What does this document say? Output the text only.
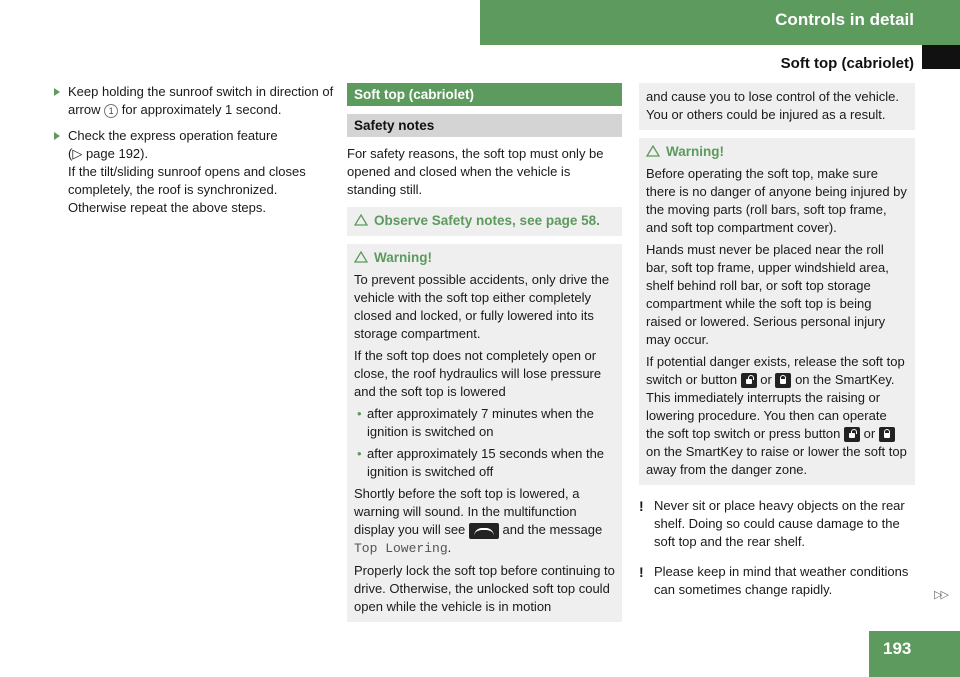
Controls in detail
Soft top (cabriolet)
Keep holding the sunroof switch in direction of arrow 1 for approximately 1 second.
Check the express operation feature
(▷ page 192).
If the tilt/sliding sunroof opens and closes completely, the roof is synchronized. Otherwise repeat the above steps.
Soft top (cabriolet)
Safety notes
For safety reasons, the soft top must only be opened and closed when the vehicle is standing still.
Observe Safety notes, see page 58.
Warning!

To prevent possible accidents, only drive the vehicle with the soft top either completely closed and locked, or fully lowered into its storage compartment.

If the soft top does not completely open or close, the roof hydraulics will lose pressure and the soft top is lowered

• after approximately 7 minutes when the ignition is switched on
• after approximately 15 seconds when the ignition is switched off

Shortly before the soft top is lowered, a warning will sound. In the multifunction display you will see  and the message
Top Lowering.

Properly lock the soft top before continuing to drive. Otherwise, the unlocked soft top could open while the vehicle is in motion

and cause you to lose control of the vehicle. You or others could be injured as a result.

Warning!

Before operating the soft top, make sure there is no danger of anyone being injured by the moving parts (roll bars, soft top frame, and soft top compartment cover).

Hands must never be placed near the roll bar, soft top frame, upper windshield area, shelf behind roll bar, or soft top storage compartment while the soft top is being raised or lowered. Serious personal injury may occur.

If potential danger exists, release the soft top switch or button  or  on the SmartKey. This immediately interrupts the raising or lowering procedure. You then can operate the soft top switch or press button  or  on the SmartKey to raise or lower the soft top away from the danger zone.

! Never sit or place heavy objects on the rear shelf. Doing so could cause damage to the soft top and the rear shelf.
! Please keep in mind that weather conditions can sometimes change rapidly.	▷▷
193
